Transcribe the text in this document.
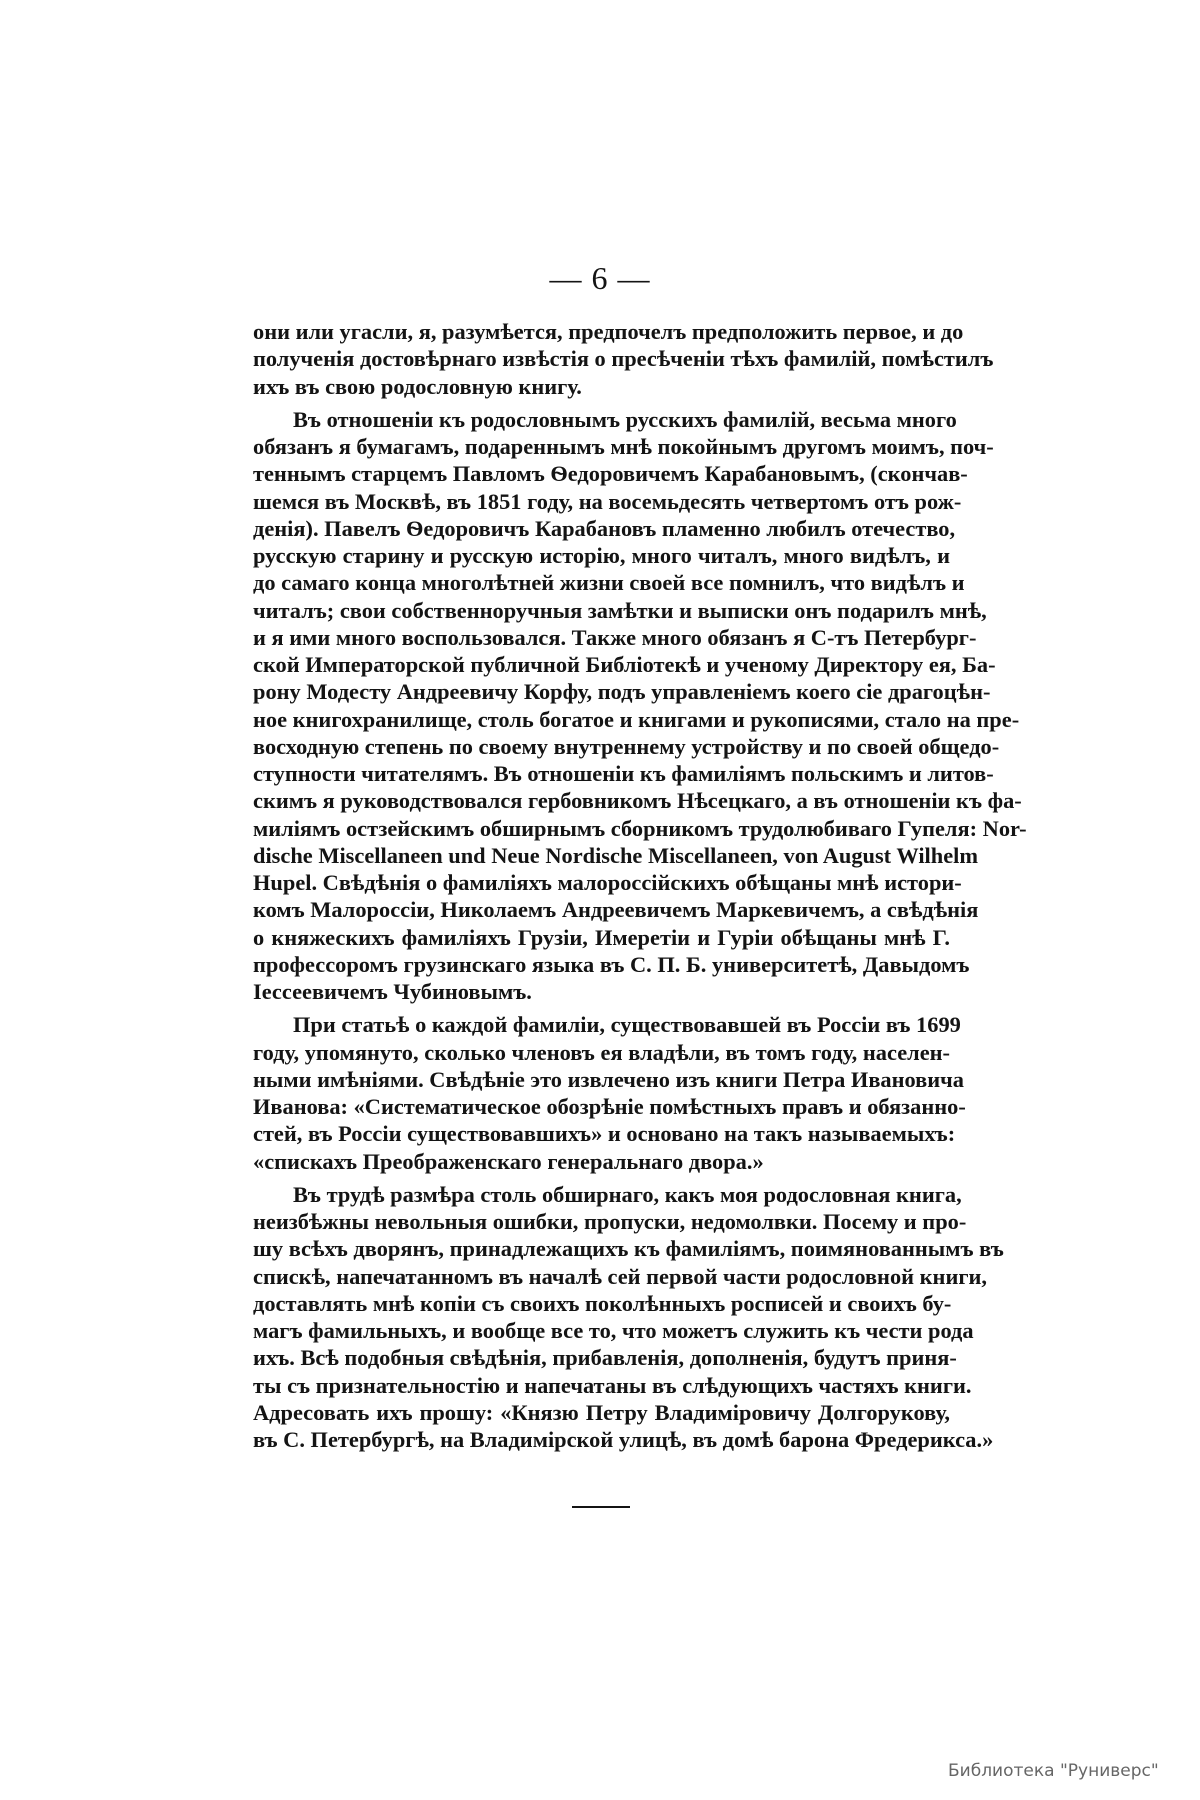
— 6 —
они или угасли, я, разумѣется, предпочелъ предположить первое, и до
полученія достовѣрнаго извѣстія о пресѣченіи тѣхъ фамилій, помѣстилъ
ихъ въ свою родословную книгу.
Въ отношеніи къ родословнымъ русскихъ фамилій, весьма много
обязанъ я бумагамъ, подареннымъ мнѣ покойнымъ другомъ моимъ, поч-
теннымъ старцемъ Павломъ Ѳедоровичемъ Карабановымъ, (скончав-
шемся въ Москвѣ, въ 1851 году, на восемьдесять четвертомъ отъ рож-
денія). Павелъ Ѳедоровичъ Карабановъ пламенно любилъ отечество,
русскую старину и русскую исторію, много читалъ, много видѣлъ, и
до самаго конца многолѣтней жизни своей все помнилъ, что видѣлъ и
читалъ; свои собственноручныя замѣтки и выписки онъ подарилъ мнѣ,
и я ими много воспользовался. Также много обязанъ я С-тъ Петербург-
ской Императорской публичной Библіотекѣ и ученому Директору ея, Ба-
рону Модесту Андреевичу Корфу, подъ управленіемъ коего сіе драгоцѣн-
ное книгохранилище, столь богатое и книгами и рукописями, стало на пре-
восходную степень по своему внутреннему устройству и по своей общедо-
ступности читателямъ. Въ отношеніи къ фамиліямъ польскимъ и литов-
скимъ я руководствовался гербовникомъ Нѣсецкаго, а въ отношеніи къ фа-
миліямъ остзейскимъ обширнымъ сборникомъ трудолюбиваго Гупеля: Nor-
dische Miscellaneen und Neue Nordische Miscellaneen, von August Wilhelm
Hupel. Свѣдѣнія о фамиліяхъ малороссійскихъ обѣщаны мнѣ истори-
комъ Малороссіи, Николаемъ Андреевичемъ Маркевичемъ, а свѣдѣнія
о княжескихъ фамиліяхъ Грузіи, Имеретіи и Гуріи обѣщаны мнѣ Г.
профессоромъ грузинскаго языка въ С. П. Б. университетѣ, Давыдомъ
Іессеевичемъ Чубиновымъ.
При статьѣ о каждой фамиліи, существовавшей въ Россіи въ 1699
году, упомянуто, сколько членовъ ея владѣли, въ томъ году, населен-
ными имѣніями. Свѣдѣніе это извлечено изъ книги Петра Ивановича
Иванова: «Систематическое обозрѣніе помѣстныхъ правъ и обязанно-
стей, въ Россіи существовавшихъ» и основано на такъ называемыхъ:
«спискахъ Преображенскаго генеральнаго двора.»
Въ трудѣ размѣра столь обширнаго, какъ моя родословная книга,
неизбѣжны невольныя ошибки, пропуски, недомолвки. Посему и про-
шу всѣхъ дворянъ, принадлежащихъ къ фамиліямъ, поимянованнымъ въ
спискѣ, напечатанномъ въ началѣ сей первой части родословной книги,
доставлять мнѣ копіи съ своихъ поколѣнныхъ росписей и своихъ бу-
магъ фамильныхъ, и вообще все то, что можетъ служить къ чести рода
ихъ. Всѣ подобныя свѣдѣнія, прибавленія, дополненія, будутъ приня-
ты съ признательностію и напечатаны въ слѣдующихъ частяхъ книги.
Адресовать ихъ прошу: «Князю Петру Владиміровичу Долгорукову,
въ С. Петербургѣ, на Владимірской улицѣ, въ домѣ барона Фредерикса.»
Библиотека "Руниверс"
